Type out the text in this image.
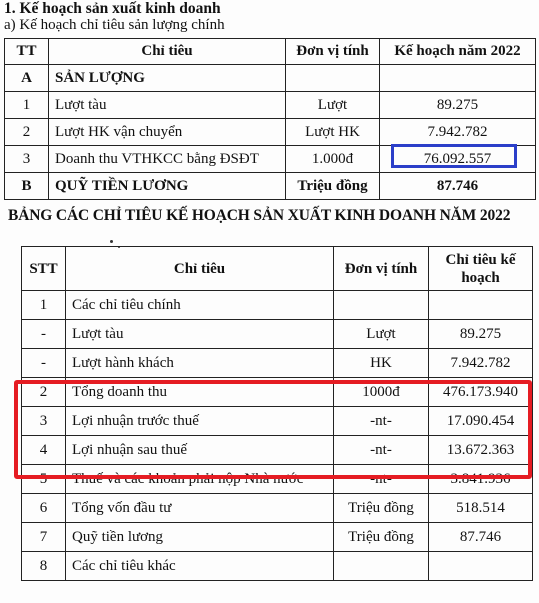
1. Kế hoạch sản xuất kinh doanh
a) Kế hoạch chỉ tiêu sản lượng chính
TT	Chỉ tiêu	Đơn vị tính	Kế hoạch năm 2022
A	SẢN LƯỢNG		
1	Lượt tàu	Lượt	89.275
2	Lượt HK vận chuyển	Lượt HK	7.942.782
3	Doanh thu VTHKCC bằng ĐSĐT	1.000đ	76.092.557
B	QUỸ TIỀN LƯƠNG	Triệu đồng	87.746
BẢNG CÁC CHỈ TIÊU KẾ HOẠCH SẢN XUẤT KINH DOANH NĂM 2022
STT	Chỉ tiêu	Đơn vị tính	Chỉ tiêu kế hoạch
1	Các chỉ tiêu chính		
-	Lượt tàu	Lượt	89.275
-	Lượt hành khách	HK	7.942.782
2	Tổng doanh thu	1000đ	476.173.940
3	Lợi nhuận trước thuế	-nt-	17.090.454
4	Lợi nhuận sau thuế	-nt-	13.672.363
5	Thuế và các khoản phải nộp Nhà nước	-nt-	3.841.936
6	Tổng vốn đầu tư	Triệu đồng	518.514
7	Quỹ tiền lương	Triệu đồng	87.746
8	Các chỉ tiêu khác		
